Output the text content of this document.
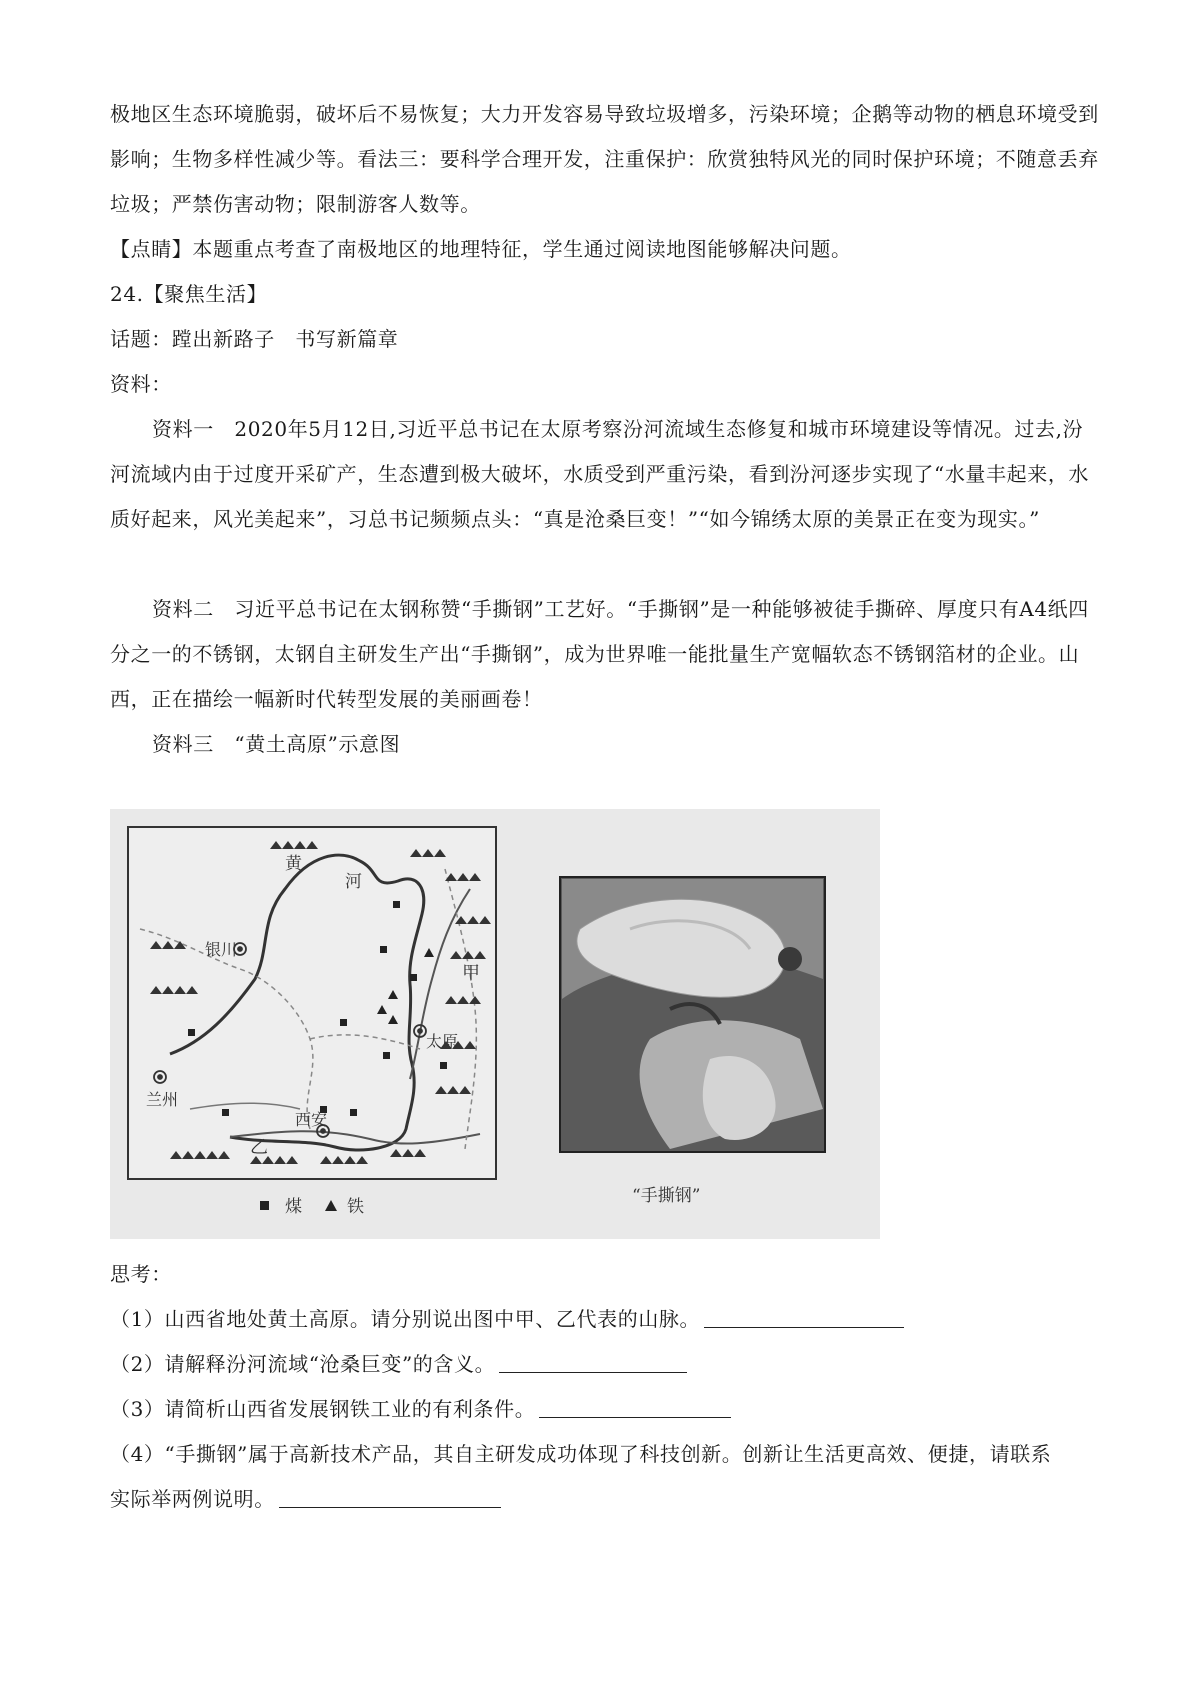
极地区生态环境脆弱，破坏后不易恢复；大力开发容易导致垃圾增多，污染环境；企鹅等动物的栖息环境受到影响；生物多样性减少等。看法三：要科学合理开发，注重保护：欣赏独特风光的同时保护环境；不随意丢弃垃圾；严禁伤害动物；限制游客人数等。
【点睛】本题重点考查了南极地区的地理特征，学生通过阅读地图能够解决问题。
24.【聚焦生活】
话题：蹚出新路子　书写新篇章
资料：
资料一　2020年5月12日,习近平总书记在太原考察汾河流域生态修复和城市环境建设等情况。过去,汾河流域内由于过度开采矿产，生态遭到极大破坏，水质受到严重污染，看到汾河逐步实现了“水量丰起来，水质好起来，风光美起来”，习总书记频频点头：“真是沧桑巨变！”“如今锦绣太原的美景正在变为现实。”
资料二　习近平总书记在太钢称赞“手撕钢”工艺好。“手撕钢”是一种能够被徒手撕碎、厚度只有A4纸四分之一的不锈钢，太钢自主研发生产出“手撕钢”，成为世界唯一能批量生产宽幅软态不锈钢箔材的企业。山西，正在描绘一幅新时代转型发展的美丽画卷！
资料三　“黄土高原”示意图
黄
河
银川
太原
兰州
西安
甲
乙
煤	铁
“手撕钢”
思考：
（1）山西省地处黄土高原。请分别说出图中甲、乙代表的山脉。
（2）请解释汾河流域“沧桑巨变”的含义。
（3）请简析山西省发展钢铁工业的有利条件。
（4）“手撕钢”属于高新技术产品，其自主研发成功体现了科技创新。创新让生活更高效、便捷，请联系
实际举两例说明。
